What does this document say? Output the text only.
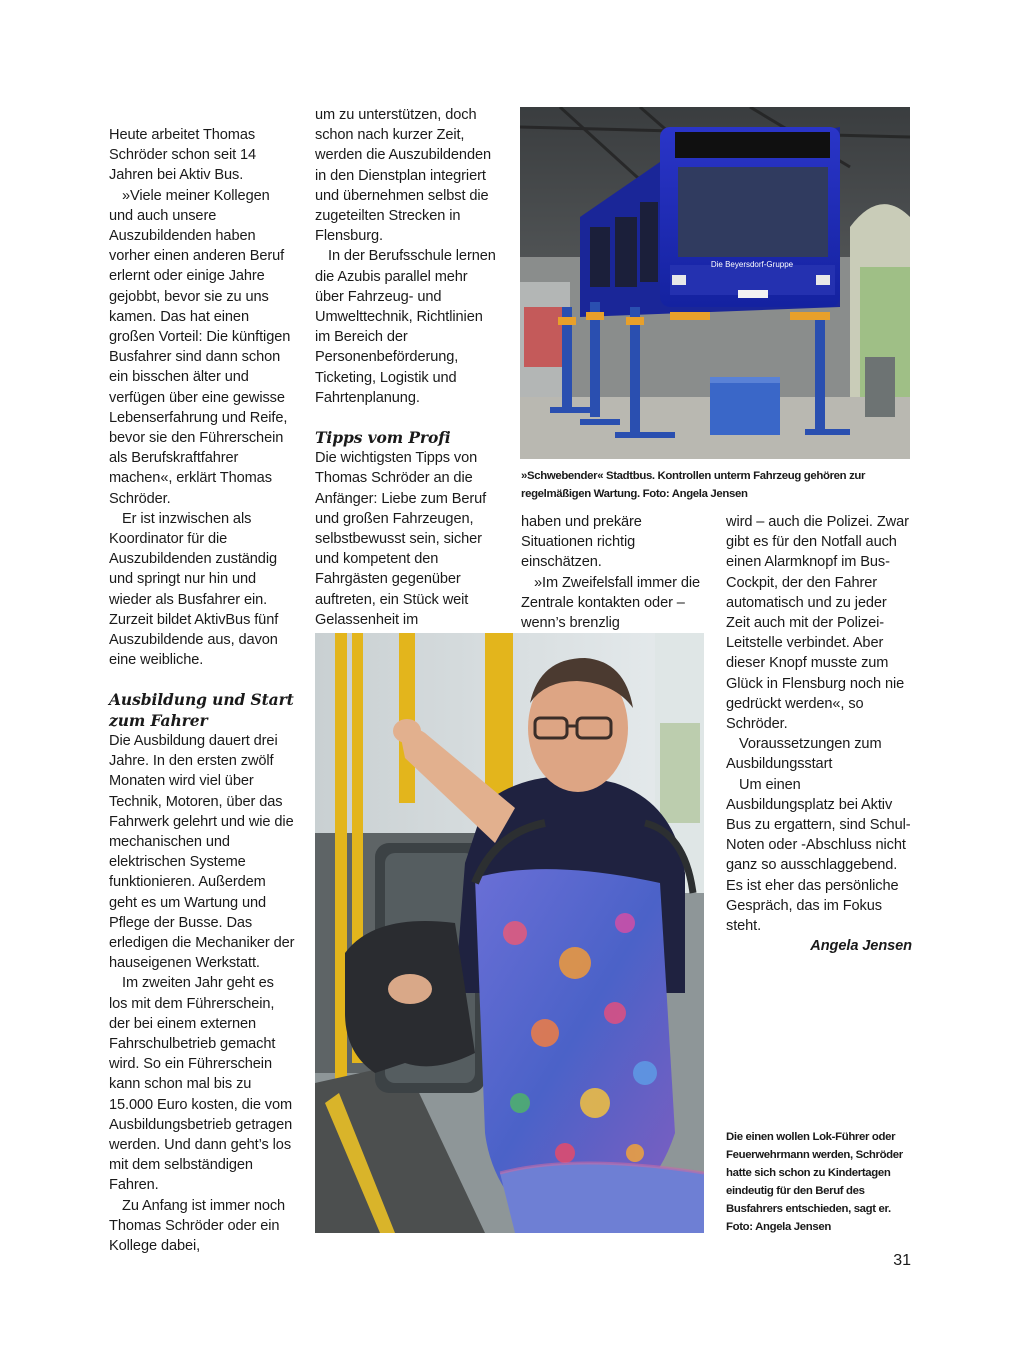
Heute arbeitet Thomas Schröder schon seit 14 Jahren bei Aktiv Bus.

»Viele meiner Kollegen und auch unsere Auszubildenden haben vorher einen anderen Beruf erlernt oder einige Jahre gejobbt, bevor sie zu uns kamen. Das hat einen großen Vorteil: Die künftigen Busfahrer sind dann schon ein bisschen älter und verfügen über eine gewisse Lebenserfahrung und Reife, bevor sie den Führerschein als Berufskraftfahrer machen«, erklärt Thomas Schröder.

Er ist inzwischen als Koordinator für die Auszubildenden zuständig und springt nur hin und wieder als Busfahrer ein. Zurzeit bildet AktivBus fünf Auszubildende aus, davon eine weibliche.

Ausbildung und Start zum Fahrer

Die Ausbildung dauert drei Jahre. In den ersten zwölf Monaten wird viel über Technik, Motoren, über das Fahrwerk gelehrt und wie die mechanischen und elektrischen Systeme funktionieren. Außerdem geht es um Wartung und Pflege der Busse. Das erledigen die Mechaniker der hauseigenen Werkstatt.

Im zweiten Jahr geht es los mit dem Führerschein, der bei einem externen Fahrschulbetrieb gemacht wird. So ein Führerschein kann schon mal bis zu 15.000 Euro kosten, die vom Ausbildungsbetrieb getragen werden. Und dann geht’s los mit dem selbständigen Fahren.

Zu Anfang ist immer noch Thomas Schröder oder ein Kollege dabei,

um zu unterstützen, doch schon nach kurzer Zeit, werden die Auszubildenden in den Dienstplan integriert und übernehmen selbst die zugeteilten Strecken in Flensburg.

In der Berufsschule lernen die Azubis parallel mehr über Fahrzeug- und Umwelttechnik, Richtlinien im Bereich der Personenbeförderung, Ticketing, Logistik und Fahrtenplanung.

Tipps vom Profi

Die wichtigsten Tipps von Thomas Schröder an die Anfänger: Liebe zum Beruf und großen Fahrzeugen, selbstbewusst sein, sicher und kompetent den Fahrgästen gegenüber auftreten, ein Stück weit Gelassenheit im

haben und prekäre Situationen richtig einschätzen.

»Im Zweifelsfall immer die Zentrale kontakten oder – wenn’s brenzlig

wird – auch die Polizei. Zwar gibt es für den Notfall auch einen Alarmknopf im Bus-Cockpit, der den Fahrer automatisch und zu jeder Zeit auch mit der Polizei-Leitstelle verbindet. Aber dieser Knopf musste zum Glück in Flensburg noch nie gedrückt werden«, so Schröder.

Voraussetzungen zum Ausbildungsstart

Um einen Ausbildungsplatz bei Aktiv Bus zu ergattern, sind Schul-Noten oder -Abschluss nicht ganz so ausschlaggebend. Es ist eher das persönliche Gespräch, das im Fokus steht.

Angela Jensen

Die Beyersdorf-Gruppe
»Schwebender« Stadtbus. Kontrollen unterm Fahrzeug gehören zur regelmäßigen Wartung. Foto: Angela Jensen
Die einen wollen Lok-Führer oder Feuerwehrmann werden, Schröder hatte sich schon zu Kindertagen eindeutig für den Beruf des Busfahrers entschieden, sagt er.
Foto: Angela Jensen
31
